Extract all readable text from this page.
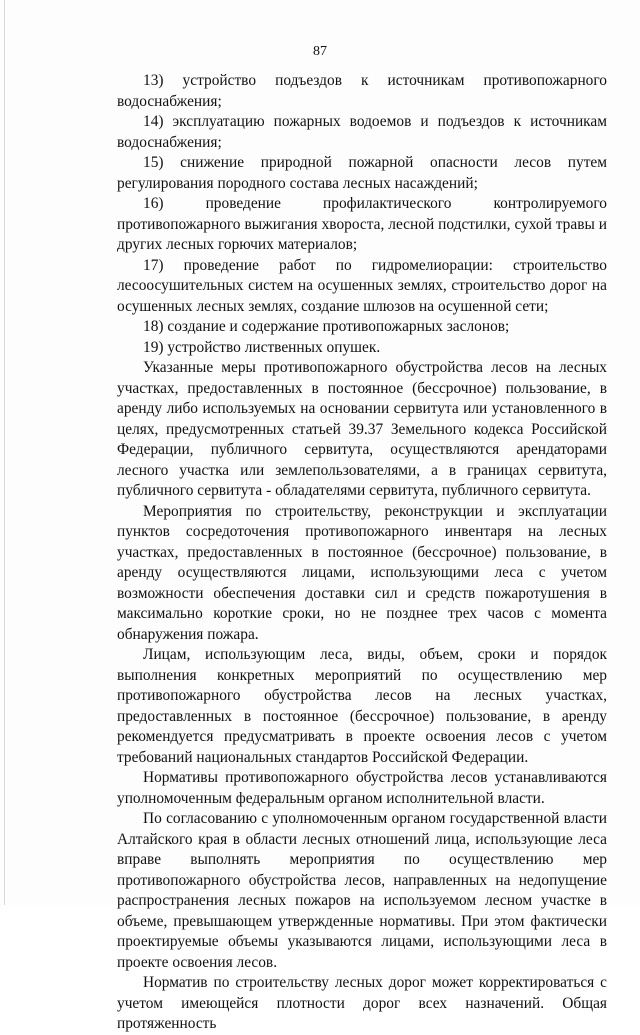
87

13) устройство подъездов к источникам противопожарного водоснабжения;

14) эксплуатацию пожарных водоемов и подъездов к источникам водоснабжения;

15) снижение природной пожарной опасности лесов путем регулирования породного состава лесных насаждений;

16) проведение профилактического контролируемого противопожарного выжигания хвороста, лесной подстилки, сухой травы и других лесных горючих материалов;

17) проведение работ по гидромелиорации: строительство лесоосушительных систем на осушенных землях, строительство дорог на осушенных лесных землях, создание шлюзов на осушенной сети;

18) создание и содержание противопожарных заслонов;

19) устройство лиственных опушек.

Указанные меры противопожарного обустройства лесов на лесных участках, предоставленных в постоянное (бессрочное) пользование, в аренду либо используемых на основании сервитута или установленного в целях, предусмотренных статьей 39.37 Земельного кодекса Российской Федерации, публичного сервитута, осуществляются арендаторами лесного участка или землепользователями, а в границах сервитута, публичного сервитута - обладателями сервитута, публичного сервитута.

Мероприятия по строительству, реконструкции и эксплуатации пунктов сосредоточения противопожарного инвентаря на лесных участках, предоставленных в постоянное (бессрочное) пользование, в аренду осуществляются лицами, использующими леса с учетом возможности обеспечения доставки сил и средств пожаротушения в максимально короткие сроки, но не позднее трех часов с момента обнаружения пожара.

Лицам, использующим леса, виды, объем, сроки и порядок выполнения конкретных мероприятий по осуществлению мер противопожарного обустройства лесов на лесных участках, предоставленных в постоянное (бессрочное) пользование, в аренду рекомендуется предусматривать в проекте освоения лесов с учетом требований национальных стандартов Российской Федерации.

Нормативы противопожарного обустройства лесов устанавливаются уполномоченным федеральным органом исполнительной власти.

По согласованию с уполномоченным органом государственной власти Алтайского края в области лесных отношений лица, использующие леса вправе выполнять мероприятия по осуществлению мер противопожарного обустройства лесов, направленных на недопущение распространения лесных пожаров на используемом лесном участке в объеме, превышающем утвержденные нормативы. При этом фактически проектируемые объемы указываются лицами, использующими леса в проекте освоения лесов.

Норматив по строительству лесных дорог может корректироваться с учетом имеющейся плотности дорог всех назначений. Общая протяженность
